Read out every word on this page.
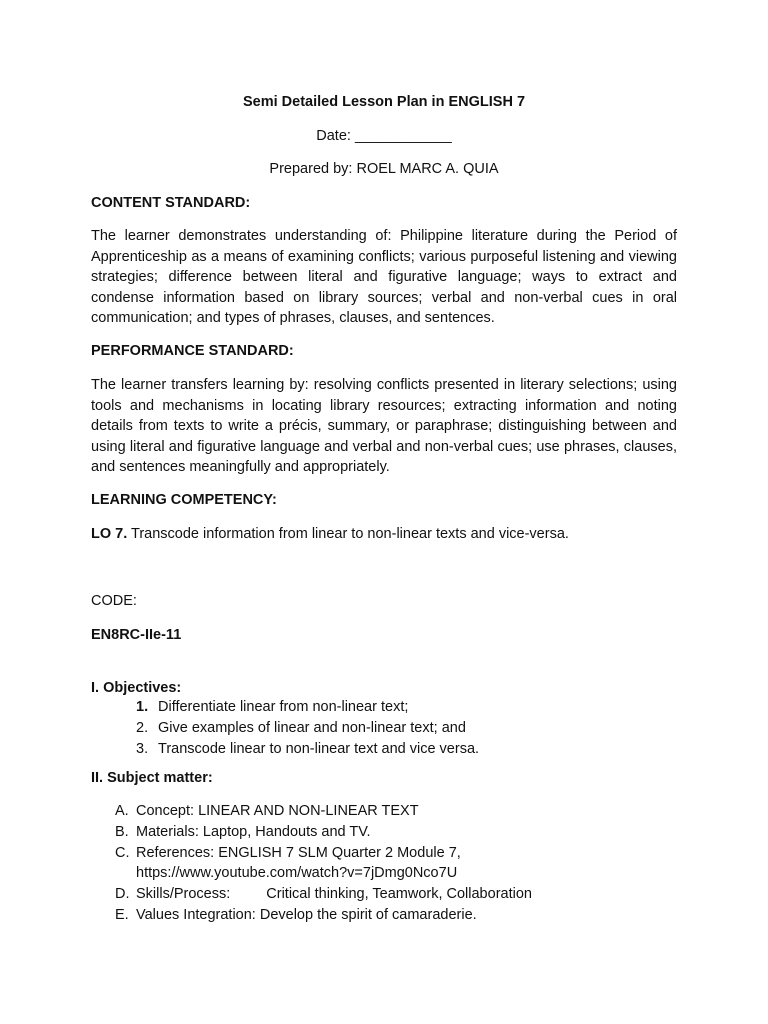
Semi Detailed Lesson Plan in ENGLISH 7
Date: ____________
Prepared by: ROEL MARC A. QUIA
CONTENT STANDARD:
The learner demonstrates understanding of: Philippine literature during the Period of Apprenticeship as a means of examining conflicts; various purposeful listening and viewing strategies; difference between literal and figurative language; ways to extract and condense information based on library sources; verbal and non-verbal cues in oral communication; and types of phrases, clauses, and sentences.
PERFORMANCE STANDARD:
The learner transfers learning by: resolving conflicts presented in literary selections; using tools and mechanisms in locating library resources; extracting information and noting details from texts to write a précis, summary, or paraphrase; distinguishing between and using literal and figurative language and verbal and non-verbal cues; use phrases, clauses, and sentences meaningfully and appropriately.
LEARNING COMPETENCY:
LO 7. Transcode information from linear to non-linear texts and vice-versa.
CODE:
EN8RC-IIe-11
I. Objectives:
1. Differentiate linear from non-linear text;
2. Give examples of linear and non-linear text; and
3. Transcode linear to non-linear text and vice versa.
II. Subject matter:
A. Concept: LINEAR AND NON-LINEAR TEXT
B. Materials: Laptop, Handouts and TV.
C. References: ENGLISH 7 SLM Quarter 2 Module 7,
https://www.youtube.com/watch?v=7jDmg0Nco7U
D. Skills/Process: Critical thinking, Teamwork, Collaboration
E. Values Integration: Develop the spirit of camaraderie.
